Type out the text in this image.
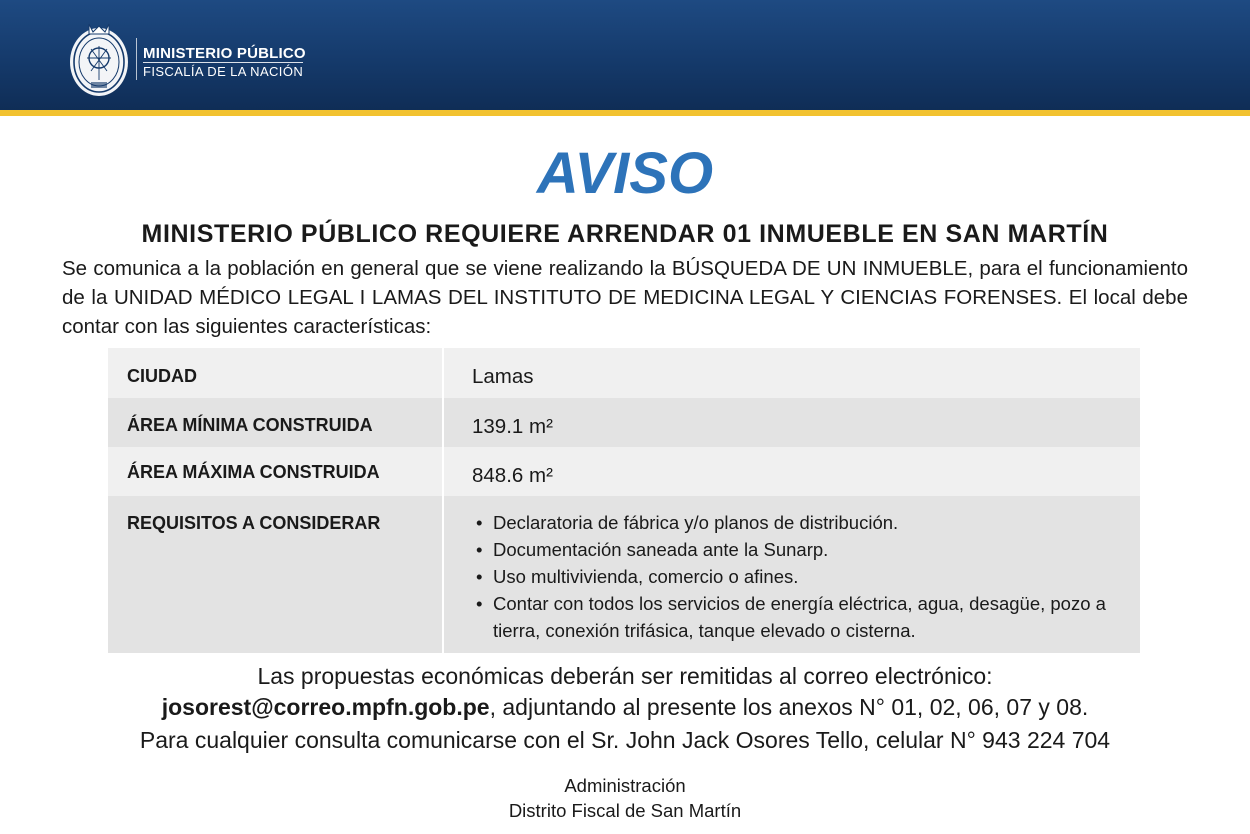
MINISTERIO PÚBLICO
FISCALÍA DE LA NACIÓN
AVISO
MINISTERIO PÚBLICO REQUIERE ARRENDAR 01 INMUEBLE EN SAN MARTÍN
Se comunica a la población en general que se viene realizando la BÚSQUEDA DE UN INMUEBLE, para el funcionamiento de la UNIDAD MÉDICO LEGAL I LAMAS DEL INSTITUTO DE MEDICINA LEGAL Y CIENCIAS FORENSES. El local debe contar con las siguientes características:
CIUDAD	Lamas
ÁREA MÍNIMA CONSTRUIDA	139.1 m²
ÁREA MÁXIMA CONSTRUIDA	848.6 m²
REQUISITOS A CONSIDERAR
•	Declaratoria de fábrica y/o planos de distribución.
• Documentación saneada ante la Sunarp.
• Uso multivivienda, comercio o afines.
• Contar con todos los servicios de energía eléctrica, agua, desagüe, pozo a tierra, conexión trifásica, tanque elevado o cisterna.
Las propuestas económicas deberán ser remitidas al correo electrónico:
josorest@correo.mpfn.gob.pe, adjuntando al presente los anexos N° 01, 02, 06, 07 y 08.
Para cualquier consulta comunicarse con el Sr. John Jack Osores Tello, celular N° 943 224 704
Administración
Distrito Fiscal de San Martín
